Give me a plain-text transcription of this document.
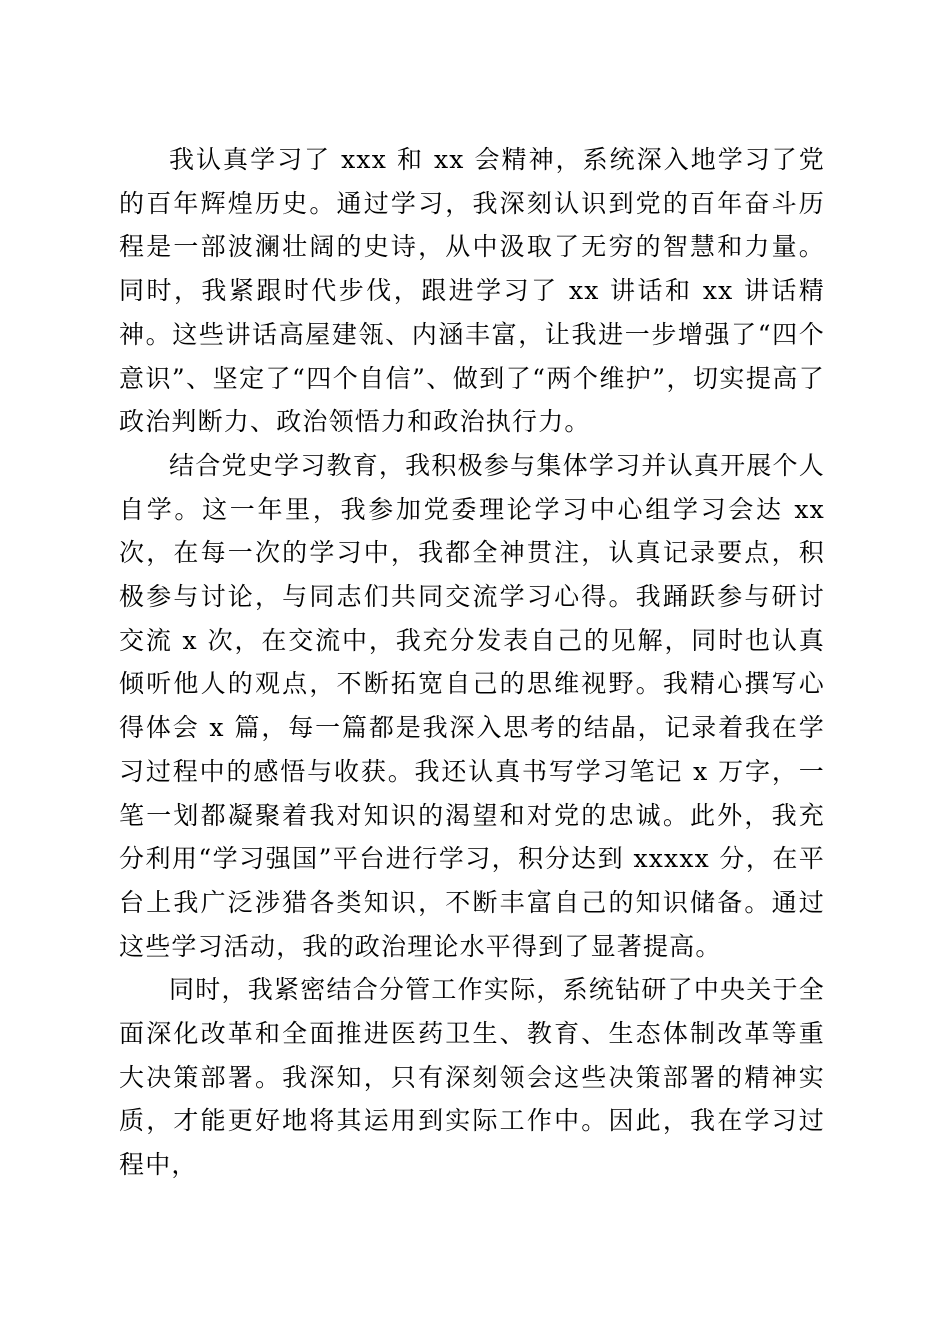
我认真学习了 xxx 和 xx 会精神，系统深入地学习了党的百年辉煌历史。通过学习，我深刻认识到党的百年奋斗历程是一部波澜壮阔的史诗，从中汲取了无穷的智慧和力量。同时，我紧跟时代步伐，跟进学习了 xx 讲话和 xx 讲话精神。这些讲话高屋建瓴、内涵丰富，让我进一步增强了“四个意识”、坚定了“四个自信”、做到了“两个维护”，切实提高了政治判断力、政治领悟力和政治执行力。

结合党史学习教育，我积极参与集体学习并认真开展个人自学。这一年里，我参加党委理论学习中心组学习会达 xx 次，在每一次的学习中，我都全神贯注，认真记录要点，积极参与讨论，与同志们共同交流学习心得。我踊跃参与研讨交流 x 次，在交流中，我充分发表自己的见解，同时也认真倾听他人的观点，不断拓宽自己的思维视野。我精心撰写心得体会 x 篇，每一篇都是我深入思考的结晶，记录着我在学习过程中的感悟与收获。我还认真书写学习笔记 x 万字，一笔一划都凝聚着我对知识的渴望和对党的忠诚。此外，我充分利用“学习强国”平台进行学习，积分达到 xxxxx 分，在平台上我广泛涉猎各类知识，不断丰富自己的知识储备。通过这些学习活动，我的政治理论水平得到了显著提高。

同时，我紧密结合分管工作实际，系统钻研了中央关于全面深化改革和全面推进医药卫生、教育、生态体制改革等重大决策部署。我深知，只有深刻领会这些决策部署的精神实质，才能更好地将其运用到实际工作中。因此，我在学习过程中，
